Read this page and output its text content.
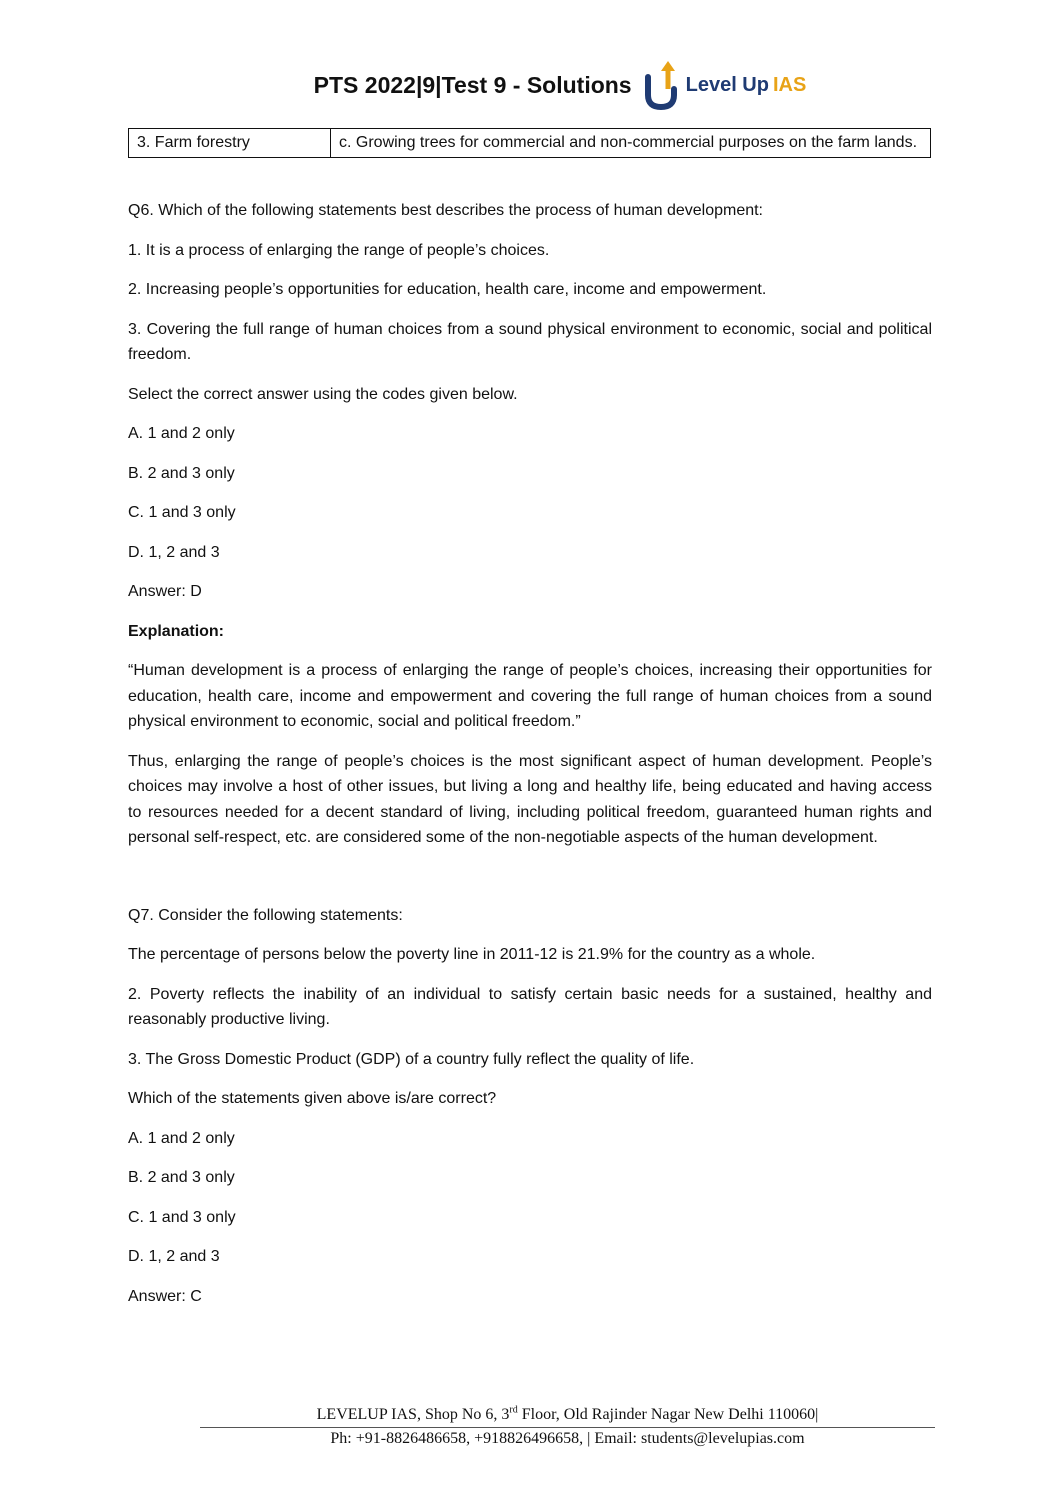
PTS 2022|9|Test 9 - Solutions	Level Up IAS
3. Farm forestry	c. Growing trees for commercial and non-commercial purposes on the farm lands.

Q6. Which of the following statements best describes the process of human development:

1. It is a process of enlarging the range of people’s choices.

2. Increasing people’s opportunities for education, health care, income and empowerment.

3. Covering the full range of human choices from a sound physical environment to economic, social and political freedom.

Select the correct answer using the codes given below.

A. 1 and 2 only

B. 2 and 3 only

C. 1 and 3 only

D. 1, 2 and 3

Answer: D

Explanation:

“Human development is a process of enlarging the range of people’s choices, increasing their opportunities for education, health care, income and empowerment and covering the full range of human choices from a sound physical environment to economic, social and political freedom.”

Thus, enlarging the range of people’s choices is the most significant aspect of human development. People’s choices may involve a host of other issues, but living a long and healthy life, being educated and having access to resources needed for a decent standard of living, including political freedom, guaranteed human rights and personal self-respect, etc. are considered some of the non-negotiable aspects of the human development.

Q7. Consider the following statements:

The percentage of persons below the poverty line in 2011-12 is 21.9% for the country as a whole.

2. Poverty reflects the inability of an individual to satisfy certain basic needs for a sustained, healthy and reasonably productive living.

3. The Gross Domestic Product (GDP) of a country fully reflect the quality of life.

Which of the statements given above is/are correct?

A. 1 and 2 only

B. 2 and 3 only

C. 1 and 3 only

D. 1, 2 and 3

Answer: C

LEVELUP IAS, Shop No 6, 3rd Floor, Old Rajinder Nagar New Delhi 110060|
Ph: +91-8826486658, +918826496658, | Email: students@levelupias.com
